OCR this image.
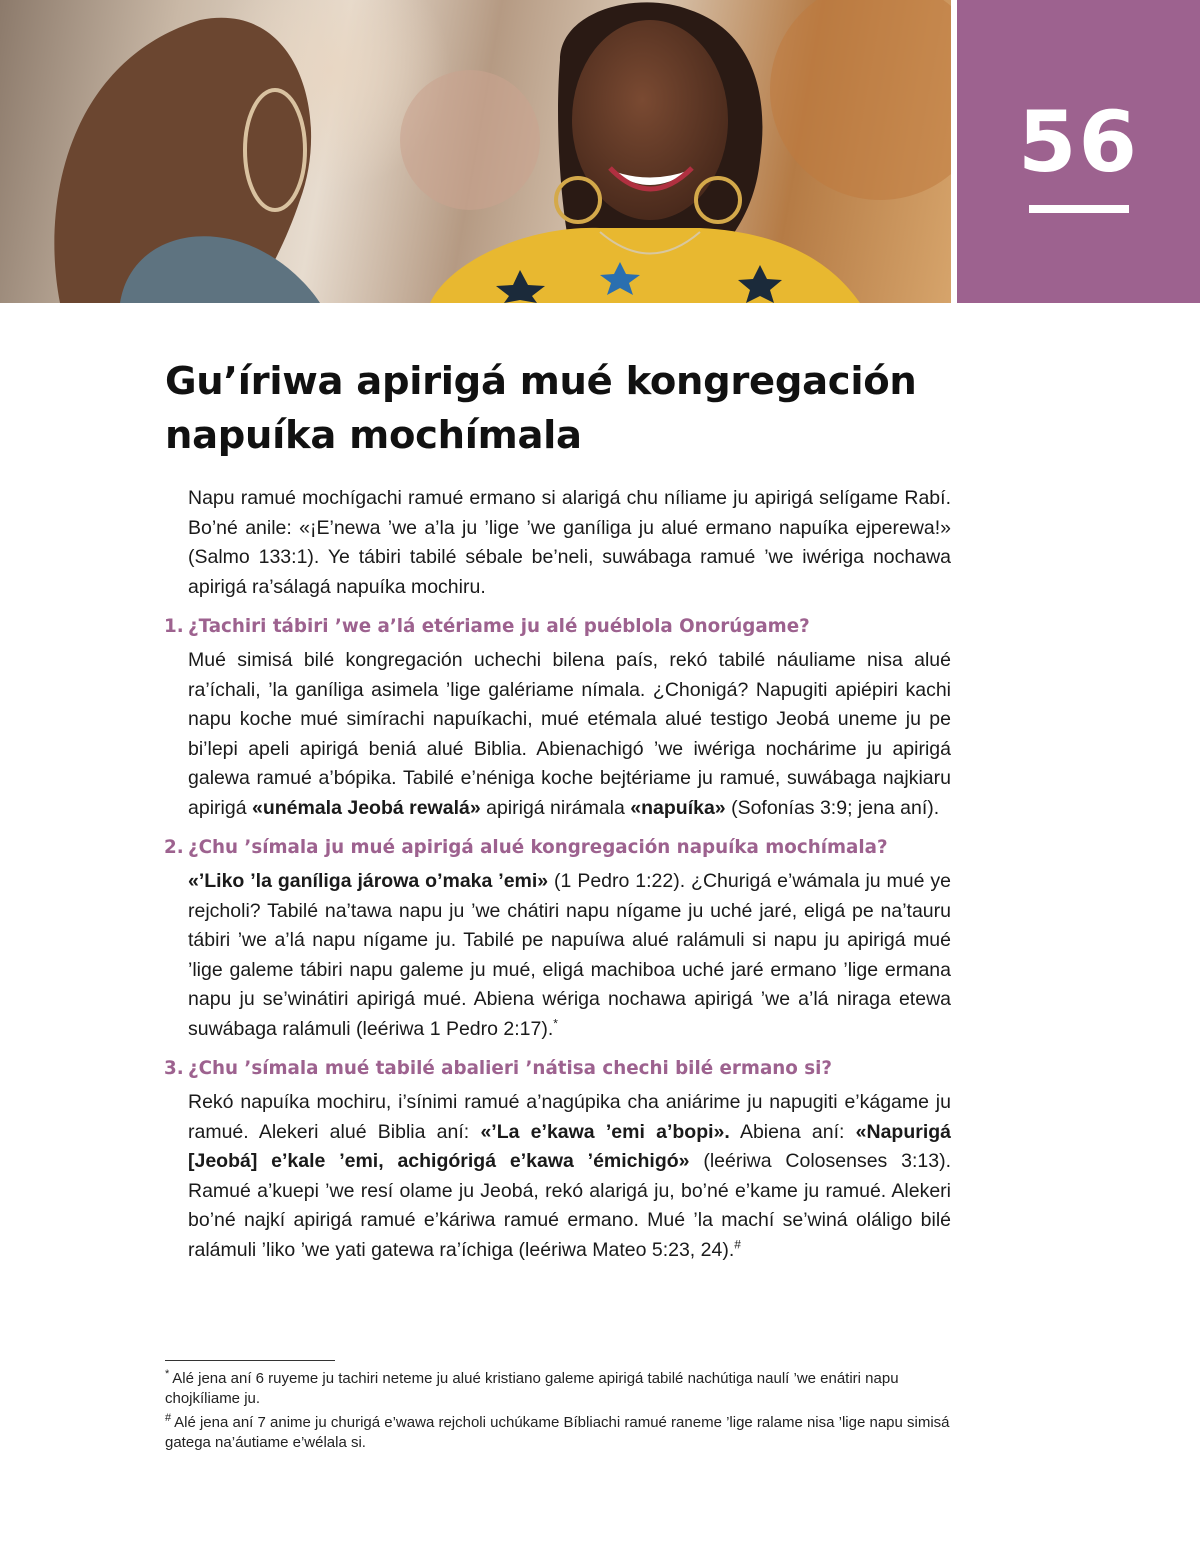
56
Gu’íriwa apirigá mué kongregación
napuíka mochímala

Napu ramué mochígachi ramué ermano si alarigá chu níliame ju apirigá selígame Rabí. Bo’né anile: «¡E’newa ’we a’la ju ’lige ’we ganíliga ju alué ermano napuíka ejperewa!» (Salmo 133:1). Ye tábiri tabilé sébale be’neli, suwábaga ramué ’we iwériga nochawa apirigá ra’sálagá napuíka mochiru.

1. ¿Tachiri tábiri ’we a’lá etériame ju alé puéblola Onorúgame?

Mué simisá bilé kongregación uchechi bilena país, rekó tabilé náuliame nisa alué ra’íchali, ’la ganíliga asimela ’lige galériame nímala. ¿Chonigá? Napugiti apiépiri kachi napu koche mué simírachi napuíkachi, mué etémala alué testigo Jeobá uneme ju pe bi’lepi apeli apirigá beniá alué Biblia. Abienachigó ’we iwériga nochárime ju apirigá galewa ramué a’bópika. Tabilé e’néniga koche bejtériame ju ramué, suwábaga najkiaru apirigá «unémala Jeobá rewalá» apirigá nirámala «napuíka» (Sofonías 3:9; jena aní).

2. ¿Chu ’símala ju mué apirigá alué kongregación napuíka mochímala?

«’Liko ’la ganíliga járowa o’maka ’emi» (1 Pedro 1:22). ¿Churigá e’wámala ju mué ye rejcholi? Tabilé na’tawa napu ju ’we chátiri napu nígame ju uché jaré, eligá pe na’tauru tábiri ’we a’lá napu nígame ju. Tabilé pe napuíwa alué ralámuli si napu ju apirigá mué ’lige galeme tábiri napu galeme ju mué, eligá machiboa uché jaré ermano ’lige ermana napu ju se’winátiri apirigá mué. Abiena wériga nochawa apirigá ’we a’lá niraga etewa suwábaga ralámuli (leériwa 1 Pedro 2:17).*

3. ¿Chu ’símala mué tabilé abalieri ’nátisa chechi bilé ermano si?

Rekó napuíka mochiru, i’sínimi ramué a’nagúpika cha aniárime ju napugiti e’kágame ju ramué. Alekeri alué Biblia aní: «’La e’kawa ’emi a’bopi». Abiena aní: «Napurigá [Jeobá] e’kale ’emi, achigórigá e’kawa ’émichigó» (leériwa Colosenses 3:13). Ramué a’kuepi ’we resí olame ju Jeobá, rekó alarigá ju, bo’né e’kame ju ramué. Alekeri bo’né najkí apirigá ramué e’káriwa ramué ermano. Mué ’la machí se’winá oláligo bilé ralámuli ’liko ’we yati gatewa ra’íchiga (leériwa Mateo 5:23, 24).#

* Alé jena aní 6 ruyeme ju tachiri neteme ju alué kristiano galeme apirigá tabilé nachútiga naulí ’we enátiri napu chojkíliame ju.

# Alé jena aní 7 animе ju churigá e’wawa rejcholi uchúkame Bíbliachi ramué raneme ’lige ralame nisa ’lige napu simisá gatega na’áutiame e’wélala si.
